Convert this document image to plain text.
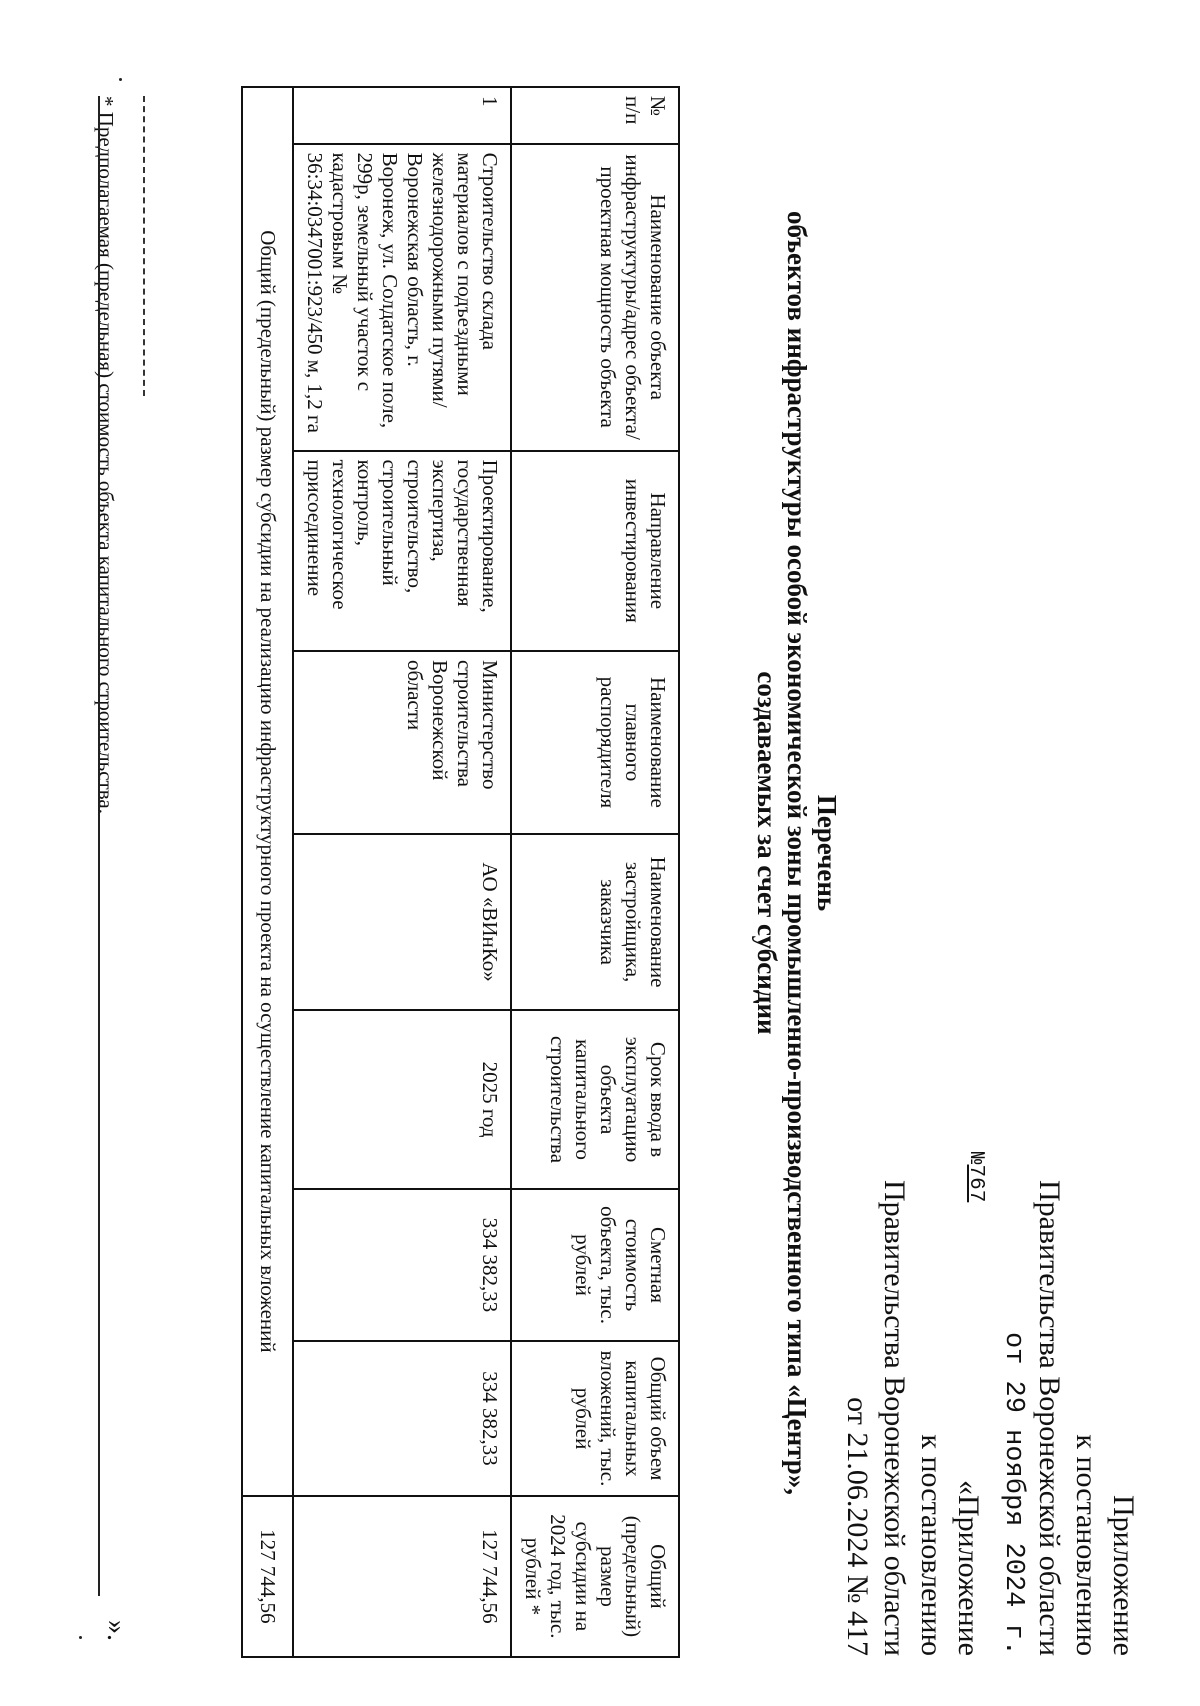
Приложение
к постановлению
Правительства Воронежской области
от 29 ноября 2024 г. $^{№767}$
«Приложение
к постановлению
Правительства Воронежской области
от 21.06.2024 № 417
Перечень
объектов инфраструктуры особой экономической зоны промышленно-производственного типа «Центр»,
создаваемых за счет субсидии
№ п/п	Наименование объекта инфраструктуры/адрес объекта/проектная мощность объекта	Направление инвестирования	Наименование главного распорядителя	Наименование застройщика, заказчика	Срок ввода в эксплуатацию объекта капитального строительства	Сметная стоимость объекта, тыс. рублей	Общий объем капитальных вложений, тыс. рублей	Общий (предельный) размер субсидии на 2024 год, тыс. рублей *
1	Строительство склада материалов с подъездными железнодорожными путями/ Воронежская область, г. Воронеж, ул. Солдатское поле, 299р, земельный участок с кадастровым № 36:34:0347001:923/450 м, 1,2 га	Проектирование, государственная экспертиза, строительство, строительный контроль, технологическое присоединение	Министерство строительства Воронежской области	АО «ВИнКо»	2025 год	334 382,33	334 382,33	127 744,56
Общий (предельный) размер субсидии на реализацию инфраструктурного проекта на осуществление капитальных вложений								127 744,56
* Предполагаемая (предельная) стоимость объекта капитального строительства.
».
